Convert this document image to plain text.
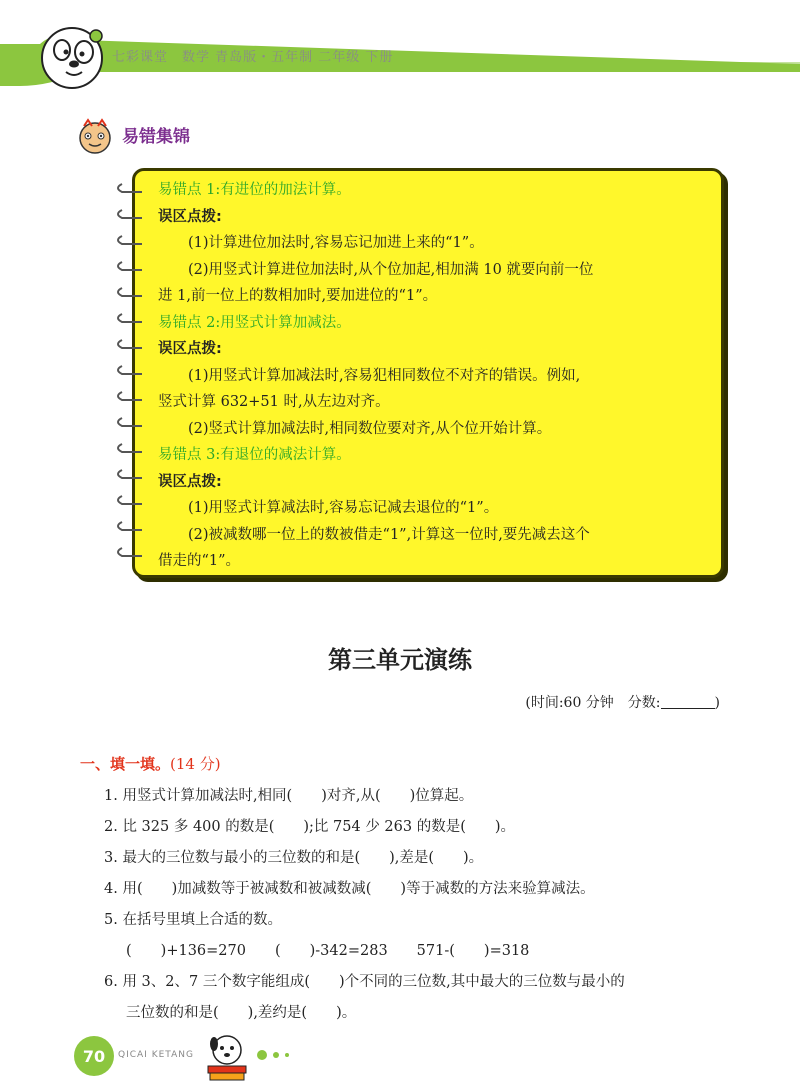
七彩课堂　数学 青岛版・五年制 二年级 下册
易错集锦
易错点 1:有进位的加法计算。
误区点拨:
(1)计算进位加法时,容易忘记加进上来的“1”。
(2)用竖式计算进位加法时,从个位加起,相加满 10 就要向前一位
进 1,前一位上的数相加时,要加进位的“1”。
易错点 2:用竖式计算加减法。
误区点拨:
(1)用竖式计算加减法时,容易犯相同数位不对齐的错误。例如,
竖式计算 632+51 时,从左边对齐。
(2)竖式计算加减法时,相同数位要对齐,从个位开始计算。
易错点 3:有退位的减法计算。
误区点拨:
(1)用竖式计算减法时,容易忘记减去退位的“1”。
(2)被减数哪一位上的数被借走“1”,计算这一位时,要先减去这个
借走的“1”。
第三单元演练
(时间:60 分钟　分数:	)
一、填一填。(14 分)
1. 用竖式计算加减法时,相同(　　)对齐,从(　　)位算起。
2. 比 325 多 400 的数是(　　);比 754 少 263 的数是(　　)。
3. 最大的三位数与最小的三位数的和是(　　),差是(　　)。
4. 用(　　)加减数等于被减数和被减数减(　　)等于减数的方法来验算减法。
5. 在括号里填上合适的数。
(　　)+136=270　　(　　)-342=283　　571-(　　)=318
6. 用 3、2、7 三个数字能组成(　　)个不同的三位数,其中最大的三位数与最小的
三位数的和是(　　),差约是(　　)。
70 QICAI KETANG
